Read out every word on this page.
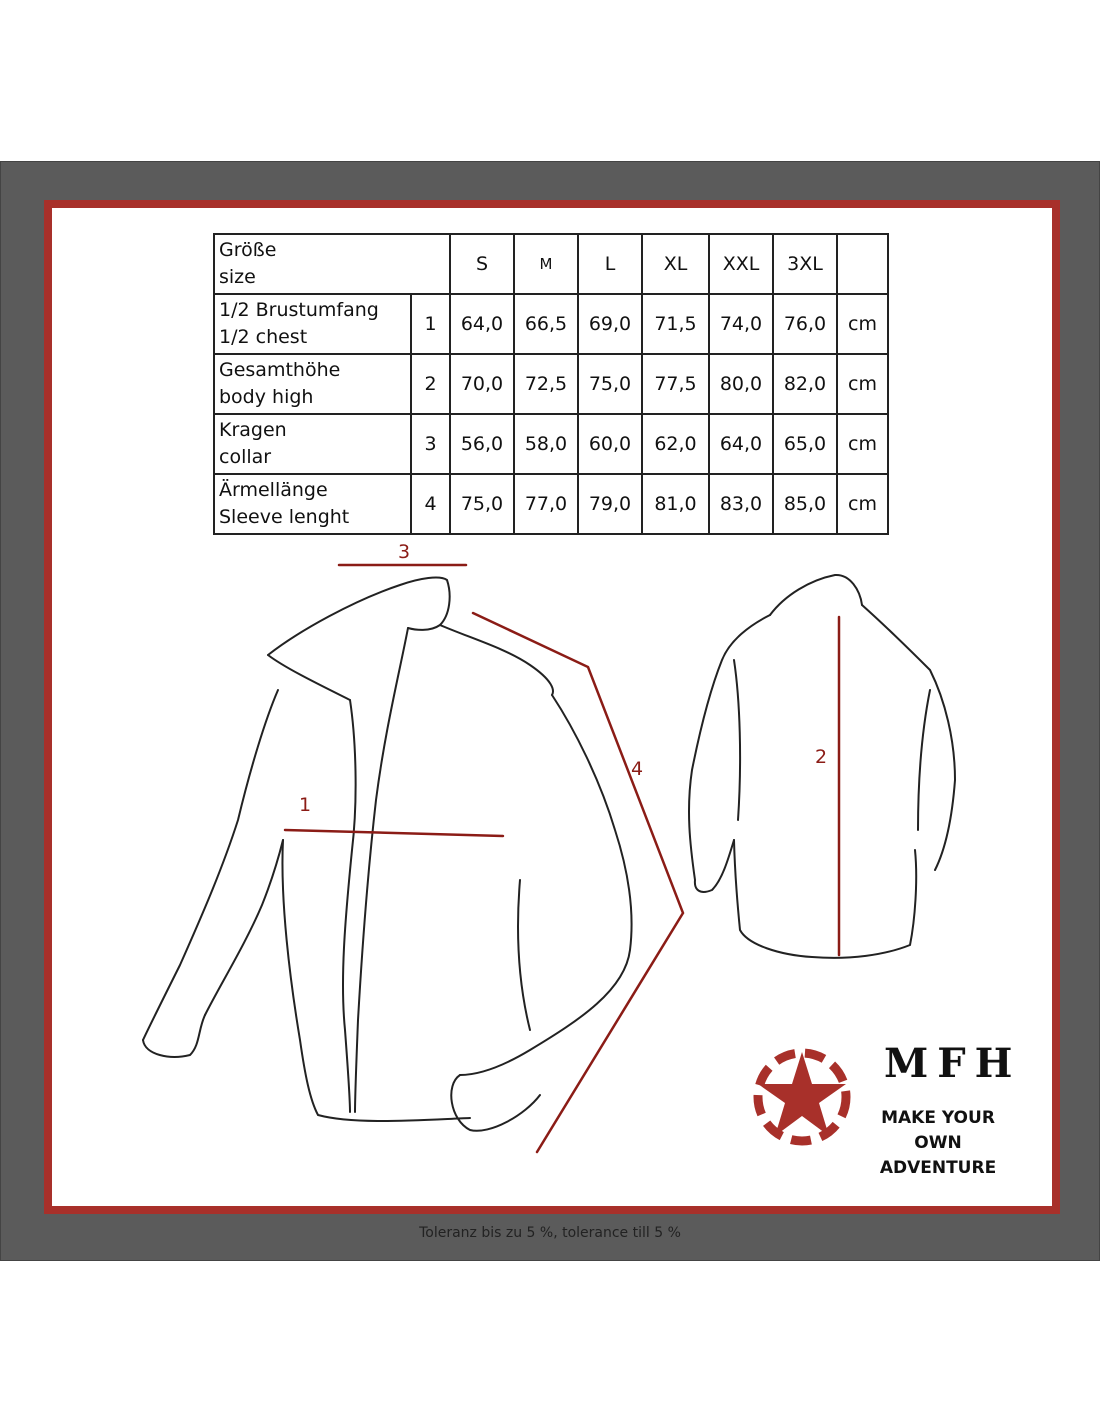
Größe
size		S	M	L	XL	XXL	3XL	
1/2 Brustumfang
1/2 chest	1	64,0	66,5	69,0	71,5	74,0	76,0	cm
Gesamthöhe
body high	2	70,0	72,5	75,0	77,5	80,0	82,0	cm
Kragen
collar	3	56,0	58,0	60,0	62,0	64,0	65,0	cm
Ärmellänge
Sleeve lenght	4	75,0	77,0	79,0	81,0	83,0	85,0	cm
3
1
4
2
MFH
MAKE YOUR OWN
ADVENTURE
Toleranz bis zu 5 %, tolerance till 5 %
